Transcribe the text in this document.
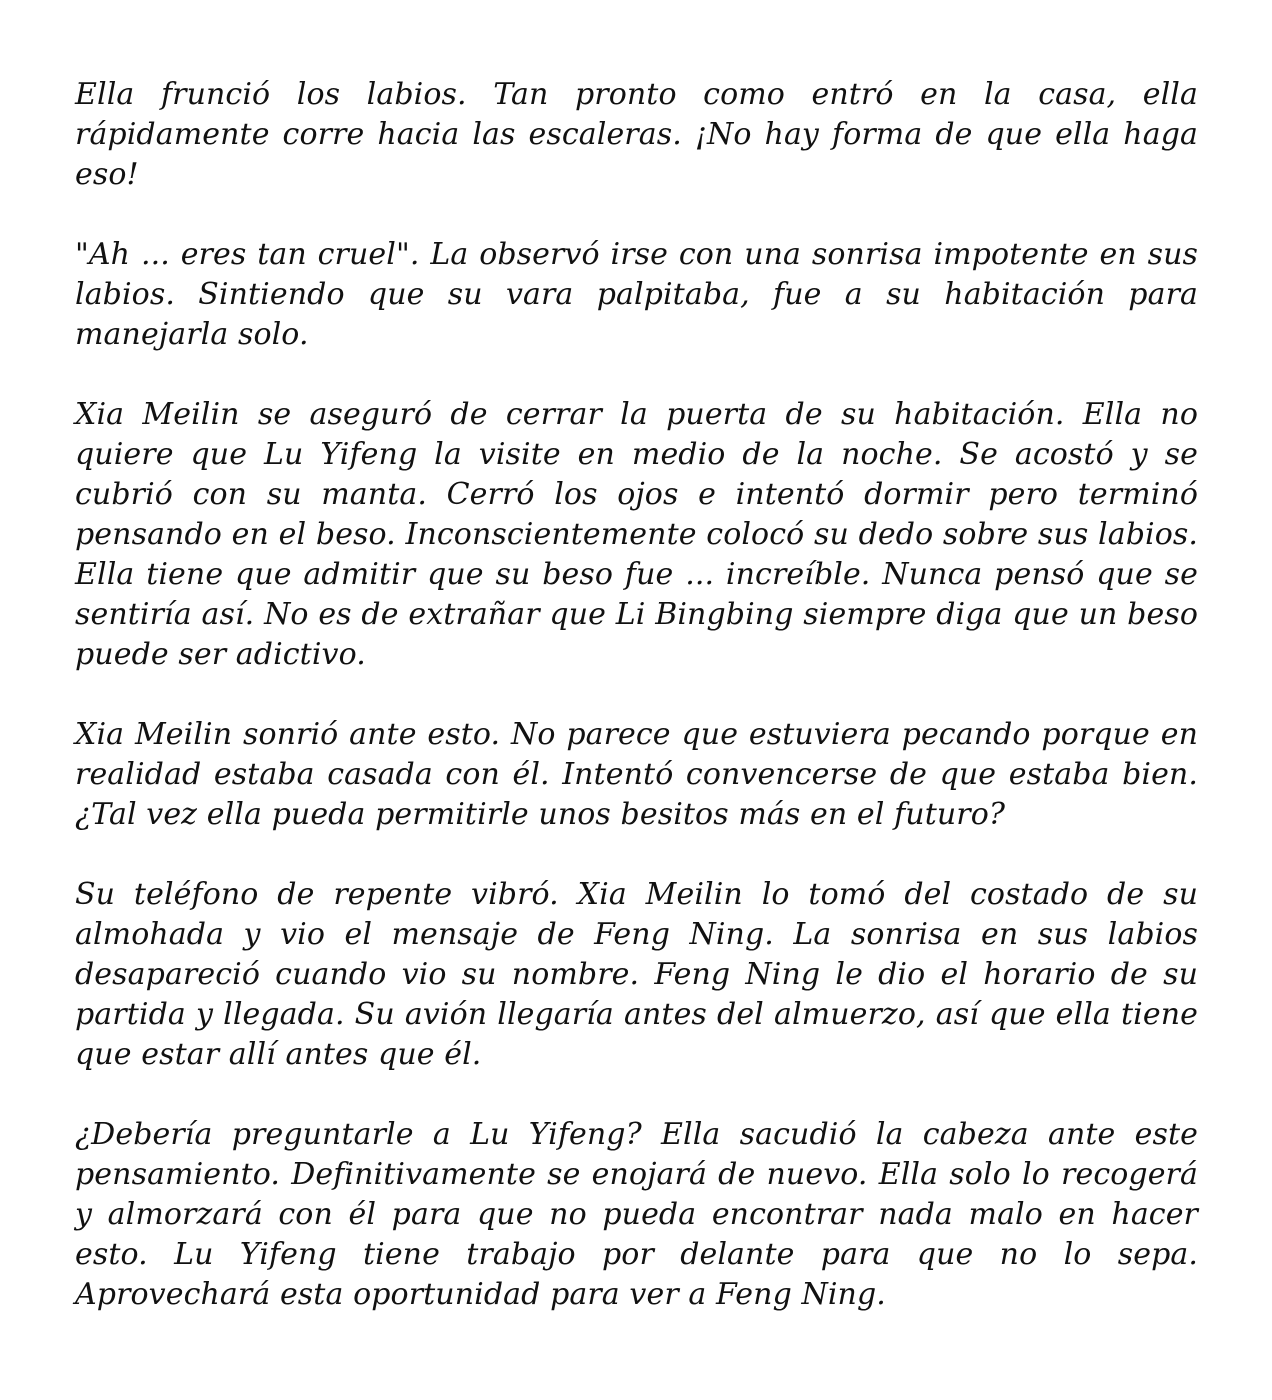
Ella frunció los labios. Tan pronto como entró en la casa, ella rápidamente corre hacia las escaleras. ¡No hay forma de que ella haga eso!

"Ah ... eres tan cruel". La observó irse con una sonrisa impotente en sus labios. Sintiendo que su vara palpitaba, fue a su habitación para manejarla solo.

Xia Meilin se aseguró de cerrar la puerta de su habitación. Ella no quiere que Lu Yifeng la visite en medio de la noche. Se acostó y se cubrió con su manta. Cerró los ojos e intentó dormir pero terminó pensando en el beso. Inconscientemente colocó su dedo sobre sus labios. Ella tiene que admitir que su beso fue ... increíble. Nunca pensó que se sentiría así. No es de extrañar que Li Bingbing siempre diga que un beso puede ser adictivo.

Xia Meilin sonrió ante esto. No parece que estuviera pecando porque en realidad estaba casada con él. Intentó convencerse de que estaba bien. ¿Tal vez ella pueda permitirle unos besitos más en el futuro?

Su teléfono de repente vibró. Xia Meilin lo tomó del costado de su almohada y vio el mensaje de Feng Ning. La sonrisa en sus labios desapareció cuando vio su nombre. Feng Ning le dio el horario de su partida y llegada. Su avión llegaría antes del almuerzo, así que ella tiene que estar allí antes que él.

¿Debería preguntarle a Lu Yifeng? Ella sacudió la cabeza ante este pensamiento. Definitivamente se enojará de nuevo. Ella solo lo recogerá y almorzará con él para que no pueda encontrar nada malo en hacer esto. Lu Yifeng tiene trabajo por delante para que no lo sepa. Aprovechará esta oportunidad para ver a Feng Ning.
